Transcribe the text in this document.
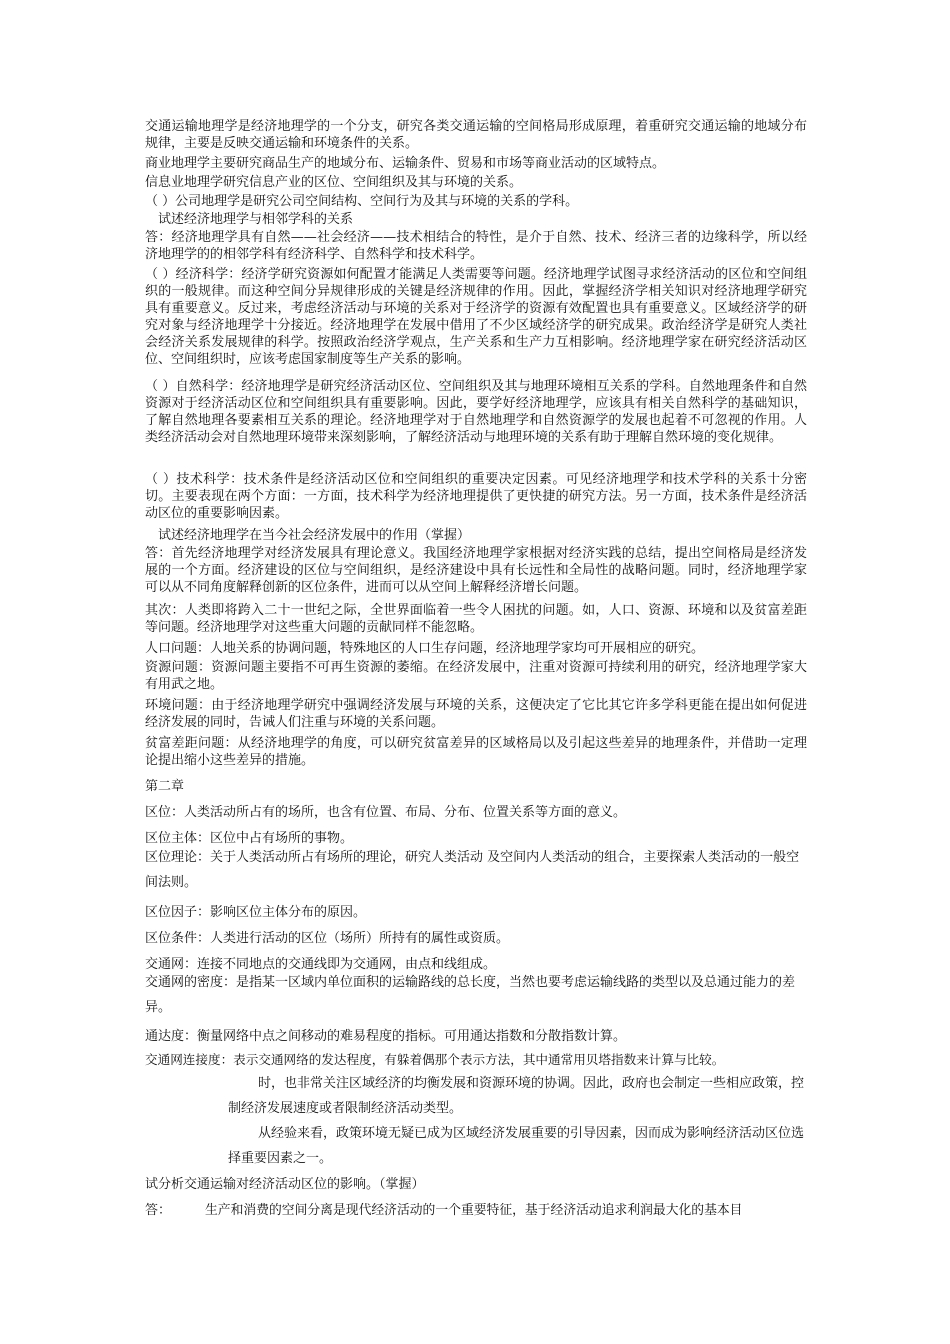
交通运输地理学是经济地理学的一个分支，研究各类交通运输的空间格局形成原理，着重研究交通运输的地域分布规律，主要是反映交通运输和环境条件的关系。

商业地理学主要研究商品生产的地域分布、运输条件、贸易和市场等商业活动的区域特点。

信息业地理学研究信息产业的区位、空间组织及其与环境的关系。

（ ）公司地理学是研究公司空间结构、空间行为及其与环境的关系的学科。

试述经济地理学与相邻学科的关系

答：经济地理学具有自然——社会经济——技术相结合的特性，是介于自然、技术、经济三者的边缘科学，所以经济地理学的的相邻学科有经济科学、自然科学和技术科学。

（ ）经济科学：经济学研究资源如何配置才能满足人类需要等问题。经济地理学试图寻求经济活动的区位和空间组织的一般规律。而这种空间分异规律形成的关键是经济规律的作用。因此，掌握经济学相关知识对经济地理学研究具有重要意义。反过来，考虑经济活动与环境的关系对于经济学的资源有效配置也具有重要意义。区域经济学的研究对象与经济地理学十分接近。经济地理学在发展中借用了不少区域经济学的研究成果。政治经济学是研究人类社会经济关系发展规律的科学。按照政治经济学观点，生产关系和生产力互相影响。经济地理学家在研究经济活动区位、空间组织时，应该考虑国家制度等生产关系的影响。

（ ）自然科学：经济地理学是研究经济活动区位、空间组织及其与地理环境相互关系的学科。自然地理条件和自然资源对于经济活动区位和空间组织具有重要影响。因此，要学好经济地理学，应该具有相关自然科学的基础知识，了解自然地理各要素相互关系的理论。经济地理学对于自然地理学和自然资源学的发展也起着不可忽视的作用。人类经济活动会对自然地理环境带来深刻影响，了解经济活动与地理环境的关系有助于理解自然环境的变化规律。

（ ）技术科学：技术条件是经济活动区位和空间组织的重要决定因素。可见经济地理学和技术学科的关系十分密切。主要表现在两个方面：一方面，技术科学为经济地理提供了更快捷的研究方法。另一方面，技术条件是经济活动区位的重要影响因素。

试述经济地理学在当今社会经济发展中的作用（掌握）

答：首先经济地理学对经济发展具有理论意义。我国经济地理学家根据对经济实践的总结，提出空间格局是经济发展的一个方面。经济建设的区位与空间组织，是经济建设中具有长远性和全局性的战略问题。同时，经济地理学家可以从不同角度解释创新的区位条件，进而可以从空间上解释经济增长问题。

其次：人类即将跨入二十一世纪之际，全世界面临着一些令人困扰的问题。如，人口、资源、环境和以及贫富差距等问题。经济地理学对这些重大问题的贡献同样不能忽略。

人口问题：人地关系的协调问题，特殊地区的人口生存问题，经济地理学家均可开展相应的研究。

资源问题：资源问题主要指不可再生资源的萎缩。在经济发展中，注重对资源可持续利用的研究，经济地理学家大有用武之地。

环境问题：由于经济地理学研究中强调经济发展与环境的关系，这便决定了它比其它许多学科更能在提出如何促进经济发展的同时，告诫人们注重与环境的关系问题。

贫富差距问题：从经济地理学的角度，可以研究贫富差异的区域格局以及引起这些差异的地理条件，并借助一定理论提出缩小这些差异的措施。

第二章

区位：人类活动所占有的场所，也含有位置、布局、分布、位置关系等方面的意义。

区位主体：区位中占有场所的事物。

区位理论：关于人类活动所占有场所的理论，研究人类活动 及空间内人类活动的组合，主要探索人类活动的一般空间法则。

区位因子：影响区位主体分布的原因。

区位条件：人类进行活动的区位（场所）所持有的属性或资质。

交通网：连接不同地点的交通线即为交通网，由点和线组成。

交通网的密度：是指某一区域内单位面积的运输路线的总长度，当然也要考虑运输线路的类型以及总通过能力的差异。

通达度：衡量网络中点之间移动的难易程度的指标。可用通达指数和分散指数计算。

交通网连接度：表示交通网络的发达程度，有躲着偶那个表示方法，其中通常用贝塔指数来计算与比较。

时，也非常关注区域经济的均衡发展和资源环境的协调。因此，政府也会制定一些相应政策，控制经济发展速度或者限制经济活动类型。

从经验来看，政策环境无疑已成为区域经济发展重要的引导因素，因而成为影响经济活动区位选择重要因素之一。

试分析交通运输对经济活动区位的影响。（掌握）

答：	生产和消费的空间分离是现代经济活动的一个重要特征，基于经济活动追求利润最大化的基本目
